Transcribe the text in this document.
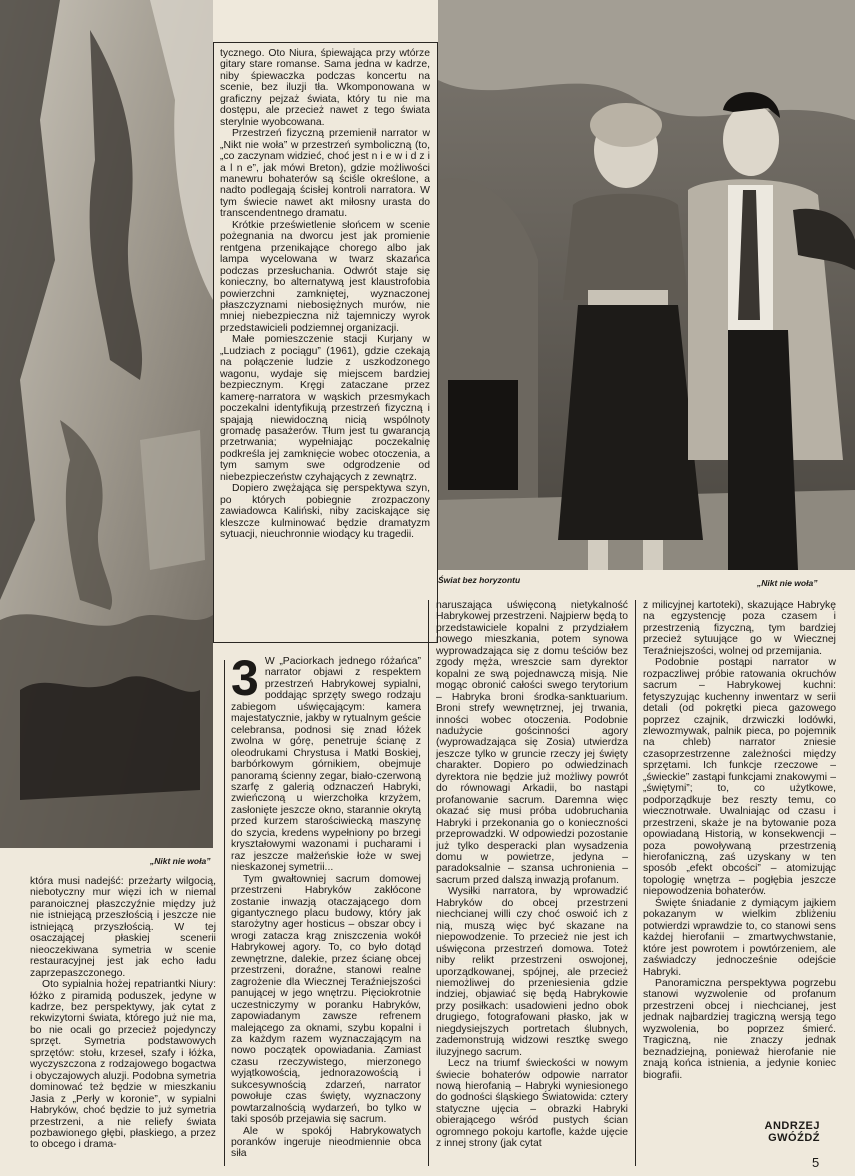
„Nikt nie woła”
Świat bez horyzontu	„Nikt nie woła”

tycznego. Oto Niura, śpiewająca przy wtórze gitary stare romanse. Sama jedna w kadrze, niby śpiewaczka podczas koncertu na scenie, bez iluzji tła. Wkomponowana w graficzny pejzaż świata, który tu nie ma dostępu, ale przecież nawet z tego świata sterylnie wyobcowana.

Przestrzeń fizyczną przemienił narrator w „Nikt nie woła” w przestrzeń symboliczną (to, „co zaczynam widzieć, choć jest n i e w i d z i a l n e”, jak mówi Breton), gdzie możliwości manewru bohaterów są ściśle określone, a nadto podlegają ścisłej kontroli narratora. W tym świecie nawet akt miłosny urasta do transcendentnego dramatu.

Krótkie prześwietlenie słońcem w scenie pożegnania na dworcu jest jak promienie rentgena przenikające chorego albo jak lampa wycelowana w twarz skazańca podczas przesłuchania. Odwrót staje się konieczny, bo alternatywą jest klaustrofobia powierzchni zamkniętej, wyznaczonej płaszczyznami niebosiężnych murów, nie mniej niebezpieczna niż tajemniczy wyrok przedstawicieli podziemnej organizacji.

Małe pomieszczenie stacji Kurjany w „Ludziach z pociągu” (1961), gdzie czekają na połączenie ludzie z uszkodzonego wagonu, wydaje się miejscem bardziej bezpiecznym. Kręgi zataczane przez kamerę-narratora w wąskich przesmykach poczekalni identyfikują przestrzeń fizyczną i spajają niewidoczną nicią wspólnoty gromadę pasażerów. Tłum jest tu gwarancją przetrwania; wypełniając poczekalnię podkreśla jej zamknięcie wobec otoczenia, a tym samym swe odgrodzenie od niebezpieczeństw czyhających z zewnątrz.

Dopiero zwężająca się perspektywa szyn, po których pobiegnie zrozpaczony zawiadowca Kaliński, niby zaciskające się kleszcze kulminować będzie dramatyzm sytuacji, nieuchronnie wiodący ku tragedii.

która musi nadejść: przeżarty wilgocią, niebotyczny mur więzi ich w niemal paranoicznej płaszczyźnie między już nie istniejącą przeszłością i jeszcze nie istniejącą przyszłością. W tej osaczającej płaskiej scenerii nieoczekiwana symetria w scenie restauracyjnej jest jak echo ładu zaprzepaszczonego.

Oto sypialnia hożej repatriantki Niury: łóżko z piramidą poduszek, jedyne w kadrze, bez perspektywy, jak cytat z rekwizytorni świata, którego już nie ma, bo nie ocali go przecież pojedynczy sprzęt. Symetria podstawowych sprzętów: stołu, krzeseł, szafy i łóżka, wyczyszczona z rodzajowego bogactwa i obyczajowych aluzji. Podobna symetria dominować też będzie w mieszkaniu Jasia z „Perły w koronie”, w sypialni Habryków, choć będzie to już symetria przestrzeni, a nie reliefy świata pozbawionego głębi, płaskiego, a przez to obcego i drama-

3 W „Paciorkach jednego różańca” narrator objawi z respektem przestrzeń Habrykowej sypialni, poddając sprzęty swego rodzaju zabiegom uświęcającym: kamera majestatycznie, jakby w rytualnym geście celebransa, podnosi się znad łóżek zwolna w górę, penetruje ścianę z oleodrukami Chrystusa i Matki Boskiej, barbórkowym górnikiem, obejmuje panoramą ścienny zegar, biało-czerwoną szarfę z galerią odznaczeń Habryki, zwieńczoną u wierzchołka krzyżem, zasłonięte jeszcze okno, starannie okrytą przed kurzem starościwiecką maszynę do szycia, kredens wypełniony po brzegi kryształowymi wazonami i pucharami i raz jeszcze małżeńskie łoże w swej nieskazonej symetrii...

Tym gwałtowniej sacrum domowej przestrzeni Habryków zakłócone zostanie inwazją otaczającego dom gigantycznego placu budowy, który jak starożytny ager hosticus – obszar obcy i wrogi zatacza krąg zniszczenia wokół Habrykowej agory. To, co było dotąd zewnętrzne, dalekie, przez ścianę obcej przestrzeni, doraźne, stanowi realne zagrożenie dla Wiecznej Teraźniejszości panującej w jego wnętrzu. Pięciokrotnie uczestniczymy w poranku Habryków, zapowiadanym zawsze refrenem malejącego za oknami, szybu kopalni i za każdym razem wyznaczającym na nowo początek opowiadania. Zamiast czasu rzeczywistego, mierzonego wyjątkowością, jednorazowością i sukcesywnością zdarzeń, narrator powołuje czas święty, wyznaczony powtarzalnością wydarzeń, bo tylko w taki sposób przejawia się sacrum.

Ale w spokój Habrykowatych poranków ingeruje nieodmiennie obca siła

naruszająca uświęconą nietykalność Habrykowej przestrzeni. Najpierw będą to przedstawiciele kopalni z przydziałem nowego mieszkania, potem synowa wyprowadzająca się z domu teściów bez zgody męża, wreszcie sam dyrektor kopalni ze swą pojednawczą misją. Nie mogąc obronić całości swego terytorium – Habryka broni środka-sanktuarium. Broni strefy wewnętrznej, jej trwania, inności wobec otoczenia. Podobnie nadużycie gościnności agory (wyprowadzająca się Zosia) utwierdza jeszcze tylko w gruncie rzeczy jej święty charakter. Dopiero po odwiedzinach dyrektora nie będzie już możliwy powrót do równowagi Arkadii, bo nastąpi profanowanie sacrum. Daremna więc okazać się musi próba udobruchania Habryki i przekonania go o konieczności przeprowadzki. W odpowiedzi pozostanie już tylko desperacki plan wysadzenia domu w powietrze, jedyna – paradoksalnie – szansa uchronienia – sacrum przed dalszą inwazją profanum.

Wysiłki narratora, by wprowadzić Habryków do obcej przestrzeni niechcianej willi czy choć oswoić ich z nią, muszą więc być skazane na niepowodzenie. To przecież nie jest ich uświęcona przestrzeń domowa. Toteż niby relikt przestrzeni oswojonej, uporządkowanej, spójnej, ale przecież niemożliwej do przeniesienia gdzie indziej, objawiać się będą Habrykowie przy posiłkach: usadowieni jedno obok drugiego, fotografowani płasko, jak w niegdysiejszych portretach ślubnych, zademonstrują widzowi resztkę swego iluzyjnego sacrum.

Lecz na triumf świeckości w nowym świecie bohaterów odpowie narrator nową hierofanią – Habryki wyniesionego do godności śląskiego Światowida: cztery statyczne ujęcia – obrazki Habryki obierającego wśród pustych ścian ogromnego pokoju kartofle, każde ujęcie z innej strony (jak cytat

z milicyjnej kartoteki), skazujące Habrykę na egzystencję poza czasem i przestrzenią fizyczną, tym bardziej przecież sytuujące go w Wiecznej Teraźniejszości, wolnej od przemijania.

Podobnie postąpi narrator w rozpaczliwej próbie ratowania okruchów sacrum – Habrykowej kuchni: fetyszyzując kuchenny inwentarz w serii detali (od pokrętki pieca gazowego poprzez czajnik, drzwiczki lodówki, zlewozmywak, palnik pieca, po pojemnik na chleb) narrator zniesie czasoprzestrzenne zależności między sprzętami. Ich funkcje rzeczowe – „świeckie” zastąpi funkcjami znakowymi – „świętymi”; to, co użytkowe, podporządkuje bez reszty temu, co wiecznotrwałe. Uwalniając od czasu i przestrzeni, skaże je na bytowanie poza opowiadaną Historią, w konsekwencji – poza powoływaną przestrzenią hierofaniczną, zaś uzyskany w ten sposób „efekt obcości” – atomizując topologię wnętrza – pogłębia jeszcze niepowodzenia bohaterów.

Święte śniadanie z dymiącym jajkiem pokazanym w wielkim zbliżeniu potwierdzi wprawdzie to, co stanowi sens każdej hierofanii – zmartwychwstanie, które jest powrotem i powtórzeniem, ale zaświadczy jednocześnie odejście Habryki.

Panoramiczna perspektywa pogrzebu stanowi wyzwolenie od profanum przestrzeni obcej i niechcianej, jest jednak najbardziej tragiczną wersją tego wyzwolenia, bo poprzez śmierć. Tragiczną, nie znaczy jednak beznadziejną, ponieważ hierofanie nie znają końca istnienia, a jedynie koniec biografii.

ANDRZEJ
GWÓŹDŹ
5
